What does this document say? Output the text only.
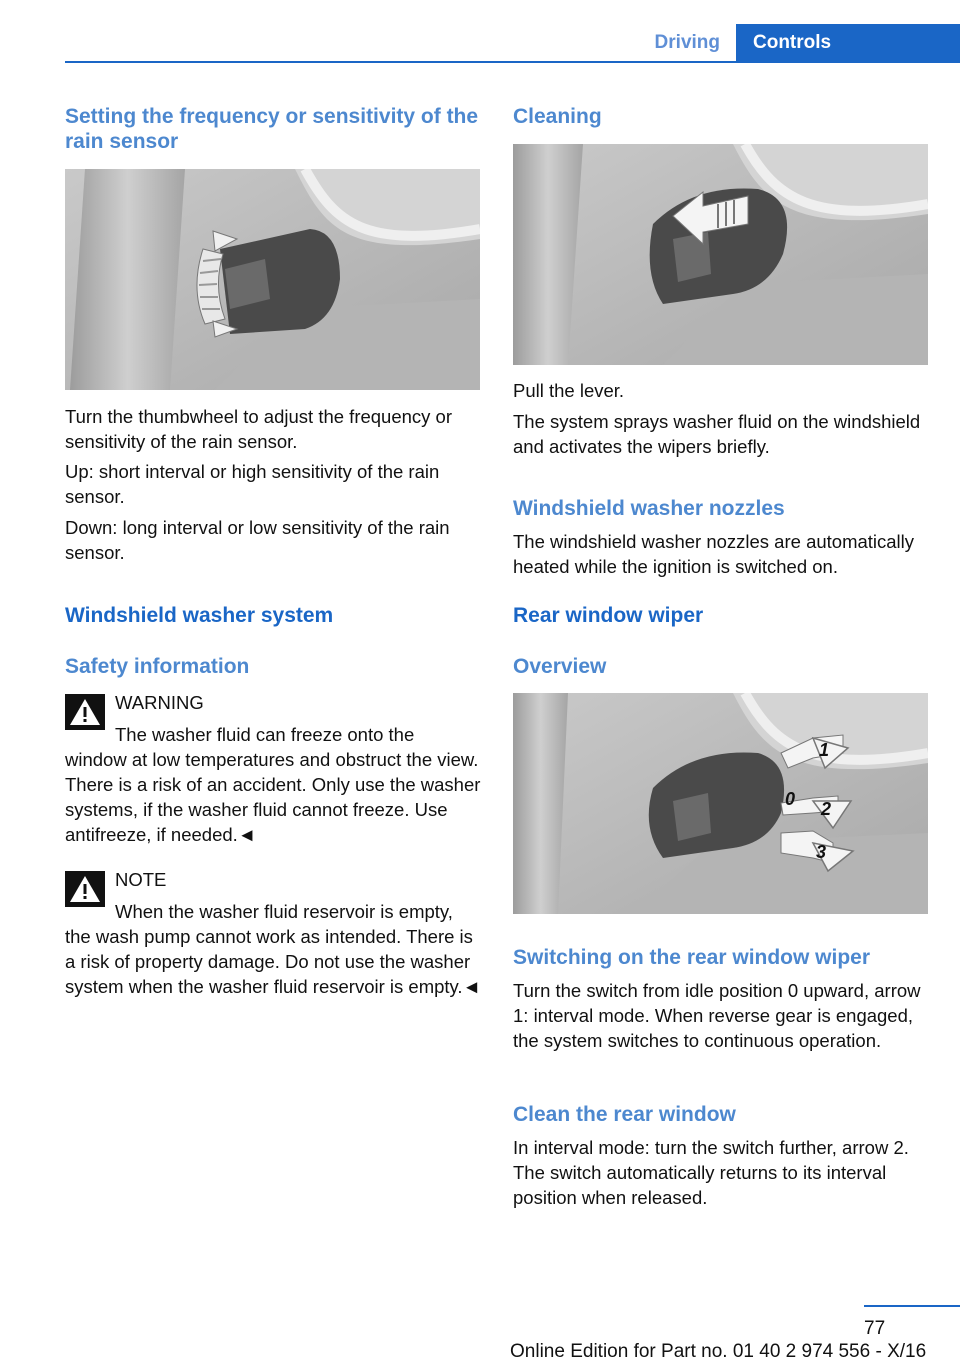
Driving	Controls
Setting the frequency or sensitivity of the rain sensor

Turn the thumbwheel to adjust the frequency or sensitivity of the rain sensor.

Up: short interval or high sensitivity of the rain sensor.

Down: long interval or low sensitivity of the rain sensor.

Windshield washer system
Safety information

WARNING

The washer fluid can freeze onto the window at low temperatures and obstruct the view. There is a risk of an accident. Only use the washer systems, if the washer fluid cannot freeze. Use antifreeze, if needed.◄

NOTE

When the washer fluid reservoir is empty, the wash pump cannot work as intended. There is a risk of property damage. Do not use the washer system when the washer fluid reservoir is empty.◄

Cleaning

Pull the lever.

The system sprays washer fluid on the windshield and activates the wipers briefly.

Windshield washer nozzles

The windshield washer nozzles are automatically heated while the ignition is switched on.

Rear window wiper
Overview
1
0 2
3
Switching on the rear window wiper

Turn the switch from idle position 0 upward, arrow 1: interval mode. When reverse gear is engaged, the system switches to continuous operation.

Clean the rear window

In interval mode: turn the switch further, arrow 2. The switch automatically returns to its interval position when released.

77
Online Edition for Part no. 01 40 2 974 556 - X/16
